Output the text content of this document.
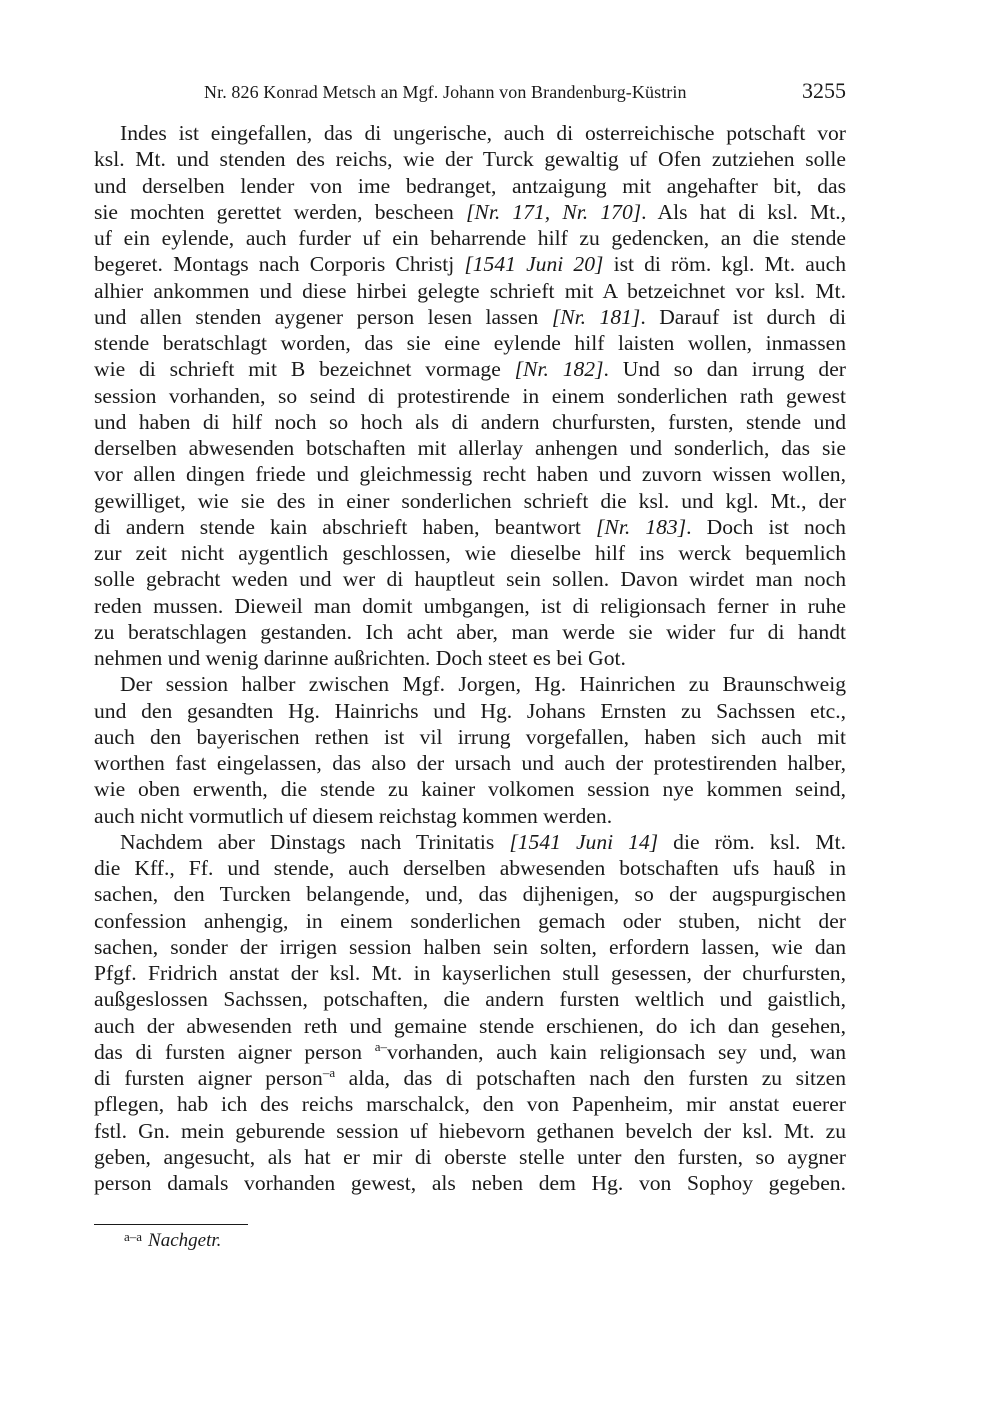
Nr. 826 Konrad Metsch an Mgf. Johann von Brandenburg-Küstrin	3255
Indes ist eingefallen, das di ungerische, auch di osterreichische potschaft vor
ksl. Mt. und stenden des reichs, wie der Turck gewaltig uf Ofen zutziehen solle
und derselben lender von ime bedranget, antzaigung mit angehafter bit, das
sie mochten gerettet werden, bescheen [Nr. 171, Nr. 170]. Als hat di ksl. Mt.,
uf ein eylende, auch furder uf ein beharrende hilf zu gedencken, an die stende
begeret. Montags nach Corporis Christj [1541 Juni 20] ist di röm. kgl. Mt. auch
alhier ankommen und diese hirbei gelegte schrieft mit A betzeichnet vor ksl. Mt.
und allen stenden aygener person lesen lassen [Nr. 181]. Darauf ist durch di
stende beratschlagt worden, das sie eine eylende hilf laisten wollen, inmassen
wie di schrieft mit B bezeichnet vormage [Nr. 182]. Und so dan irrung der
session vorhanden, so seind di protestirende in einem sonderlichen rath gewest
und haben di hilf noch so hoch als di andern churfursten, fursten, stende und
derselben abwesenden botschaften mit allerlay anhengen und sonderlich, das sie
vor allen dingen friede und gleichmessig recht haben und zuvorn wissen wollen,
gewilliget, wie sie des in einer sonderlichen schrieft die ksl. und kgl. Mt., der
di andern stende kain abschrieft haben, beantwort [Nr. 183]. Doch ist noch
zur zeit nicht aygentlich geschlossen, wie dieselbe hilf ins werck bequemlich
solle gebracht weden und wer di hauptleut sein sollen. Davon wirdet man noch
reden mussen. Dieweil man domit umbgangen, ist di religionsach ferner in ruhe
zu beratschlagen gestanden. Ich acht aber, man werde sie wider fur di handt
nehmen und wenig darinne außrichten. Doch steet es bei Got.
Der session halber zwischen Mgf. Jorgen, Hg. Hainrichen zu Braunschweig
und den gesandten Hg. Hainrichs und Hg. Johans Ernsten zu Sachssen etc.,
auch den bayerischen rethen ist vil irrung vorgefallen, haben sich auch mit
worthen fast eingelassen, das also der ursach und auch der protestirenden halber,
wie oben erwenth, die stende zu kainer volkomen session nye kommen seind,
auch nicht vormutlich uf diesem reichstag kommen werden.
Nachdem aber Dinstags nach Trinitatis [1541 Juni 14] die röm. ksl. Mt.
die Kff., Ff. und stende, auch derselben abwesenden botschaften ufs hauß in
sachen, den Turcken belangende, und, das dijhenigen, so der augspurgischen
confession anhengig, in einem sonderlichen gemach oder stuben, nicht der
sachen, sonder der irrigen session halben sein solten, erfordern lassen, wie dan
Pfgf. Fridrich anstat der ksl. Mt. in kayserlichen stull gesessen, der churfursten,
außgeslossen Sachssen, potschaften, die andern fursten weltlich und gaistlich,
auch der abwesenden reth und gemaine stende erschienen, do ich dan gesehen,
das di fursten aigner person $^{a-}$vorhanden, auch kain religionsach sey und, wan
di fursten aigner person$^{-a}$ alda, das di potschaften nach den fursten zu sitzen
pflegen, hab ich des reichs marschalck, den von Papenheim, mir anstat euerer
fstl. Gn. mein geburende session uf hiebevorn gethanen bevelch der ksl. Mt. zu
geben, angesucht, als hat er mir di oberste stelle unter den fursten, so aygner
person damals vorhanden gewest, als neben dem Hg. von Sophoy gegeben.
$^{a-a}$ Nachgetr.
